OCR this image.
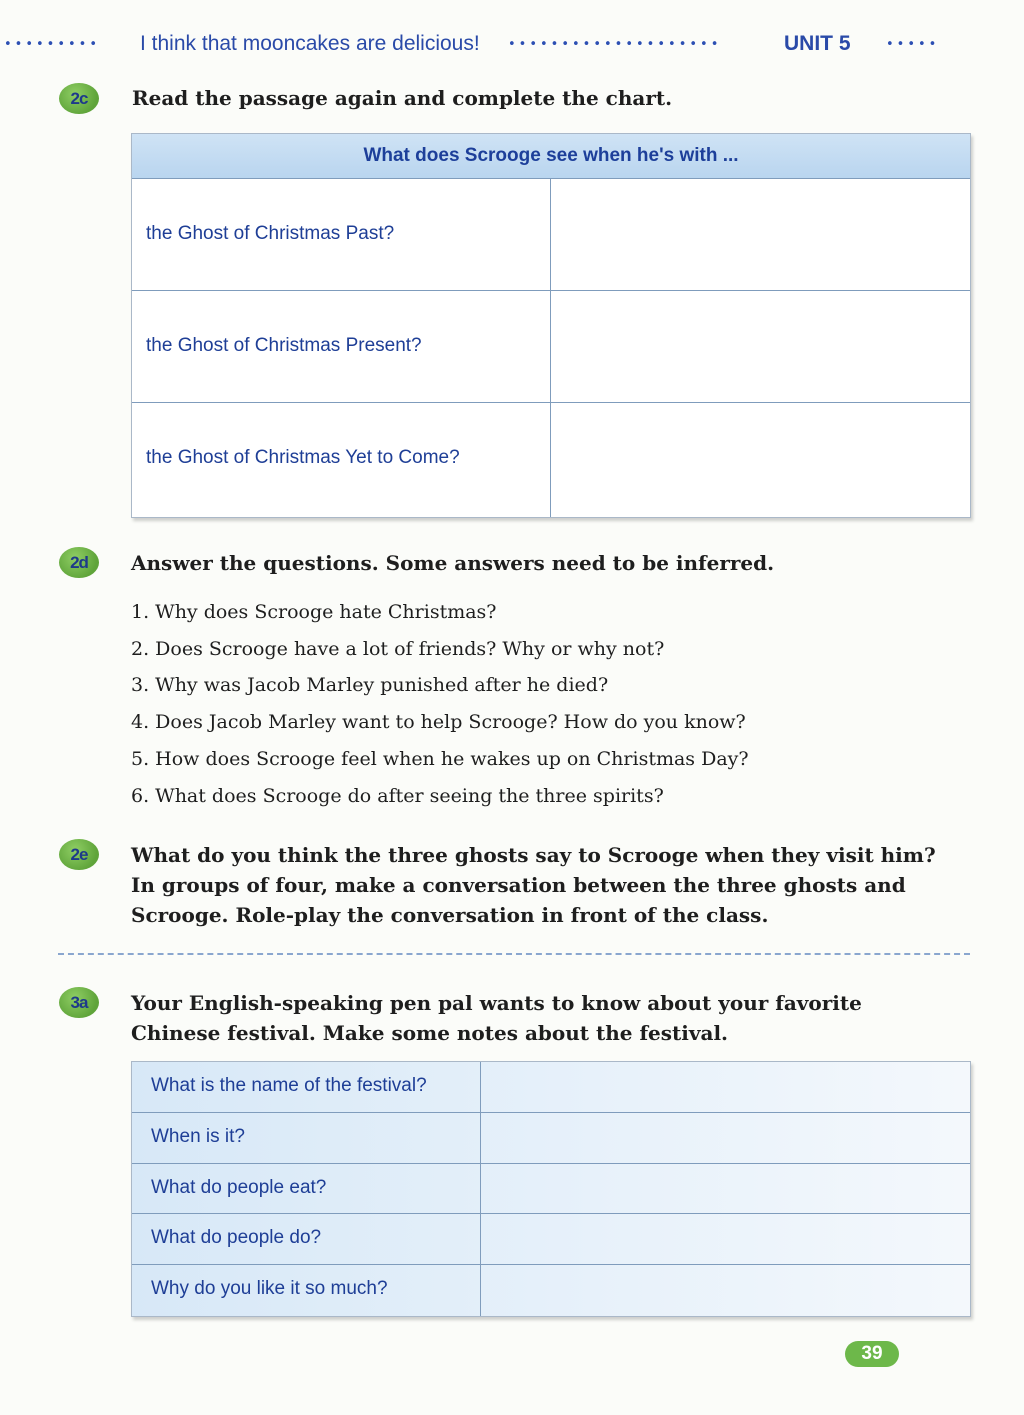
••••••••• I think that mooncakes are delicious! ••••••••••••••••••••	UNIT 5	•••••
2c	Read the passage again and complete the chart.
What does Scrooge see when he's with ...
the Ghost of Christmas Past?
the Ghost of Christmas Present?
the Ghost of Christmas Yet to Come?
2d	Answer the questions. Some answers need to be inferred.
1. Why does Scrooge hate Christmas?
2. Does Scrooge have a lot of friends? Why or why not?
3. Why was Jacob Marley punished after he died?
4. Does Jacob Marley want to help Scrooge? How do you know?
5. How does Scrooge feel when he wakes up on Christmas Day?
6. What does Scrooge do after seeing the three spirits?
2e	What do you think the three ghosts say to Scrooge when they visit him?
In groups of four, make a conversation between the three ghosts and
Scrooge. Role-play the conversation in front of the class.
3a	Your English-speaking pen pal wants to know about your favorite
Chinese festival. Make some notes about the festival.
What is the name of the festival?
When is it?
What do people eat?
What do people do?
Why do you like it so much?
39
